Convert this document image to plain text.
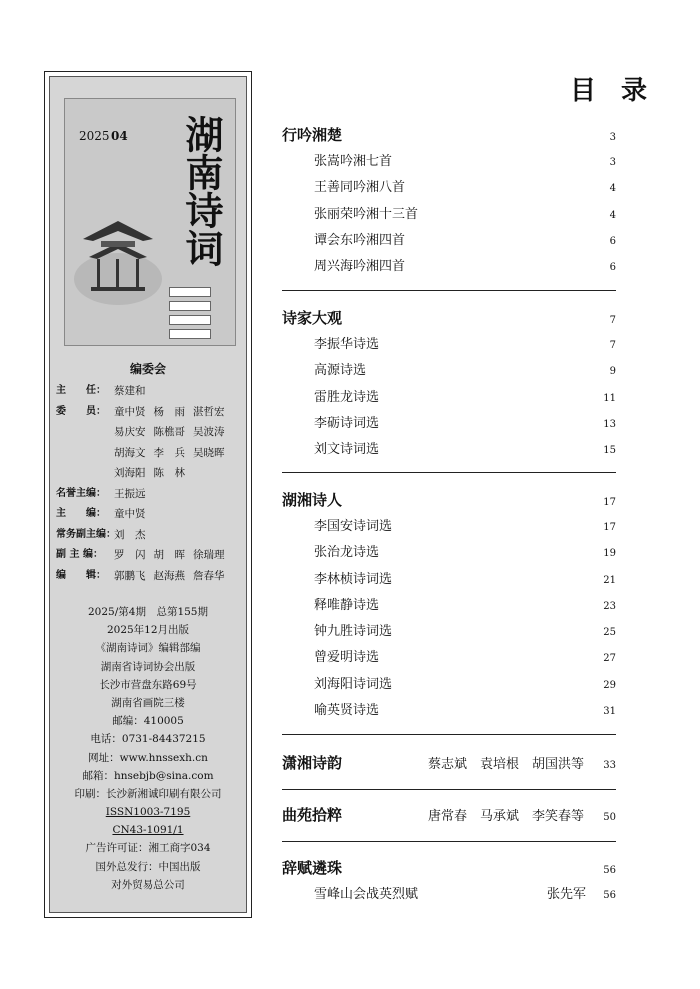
2025 04 湖南诗词
编委会
主　　任： 蔡建和
委　　员： 童中贤 杨　雨 湛哲宏
易庆安 陈樵哥 吴波涛
胡海文 李　兵 吴晓晖
刘海阳 陈　林
名誉主编： 王振远
主　　编： 童中贤
常务副主编：
刘　杰
副 主 编：	罗　闪 胡　晖 徐瑞理
编　　辑： 郭鹏飞 赵海燕 詹春华
2025/第4期　总第155期
2025年12月出版
《湖南诗词》编辑部编
湖南省诗词协会出版
长沙市营盘东路69号
湖南省画院三楼
邮编：410005
电话：0731-84437215
网址：www.hnssexh.cn
邮箱：hnsebjb@sina.com
印刷：长沙新湘诚印刷有限公司
ISSN1003-7195
CN43-1091/1
广告许可证：湘工商字034
国外总发行：中国出版
对外贸易总公司
目 录
行吟湘楚	3
张嵩吟湘七首	3
王善同吟湘八首	4
张丽荣吟湘十三首	4
谭会东吟湘四首	6
周兴海吟湘四首	6
诗家大观	7
李振华诗选	7
高源诗选	9
雷胜龙诗选	11
李砺诗词选	13
刘文诗词选	15
湖湘诗人	17
李国安诗词选	17
张治龙诗选	19
李林桢诗词选	21
释唯静诗选	23
钟九胜诗词选	25
曾爱明诗选	27
刘海阳诗词选	29
喻英贤诗选	31
潇湘诗韵	蔡志斌　袁培根　胡国洪等	33
曲苑拾粹	唐常春　马承斌　李笑春等	50
辞赋遴珠	56
雪峰山会战英烈赋	张先军	56
